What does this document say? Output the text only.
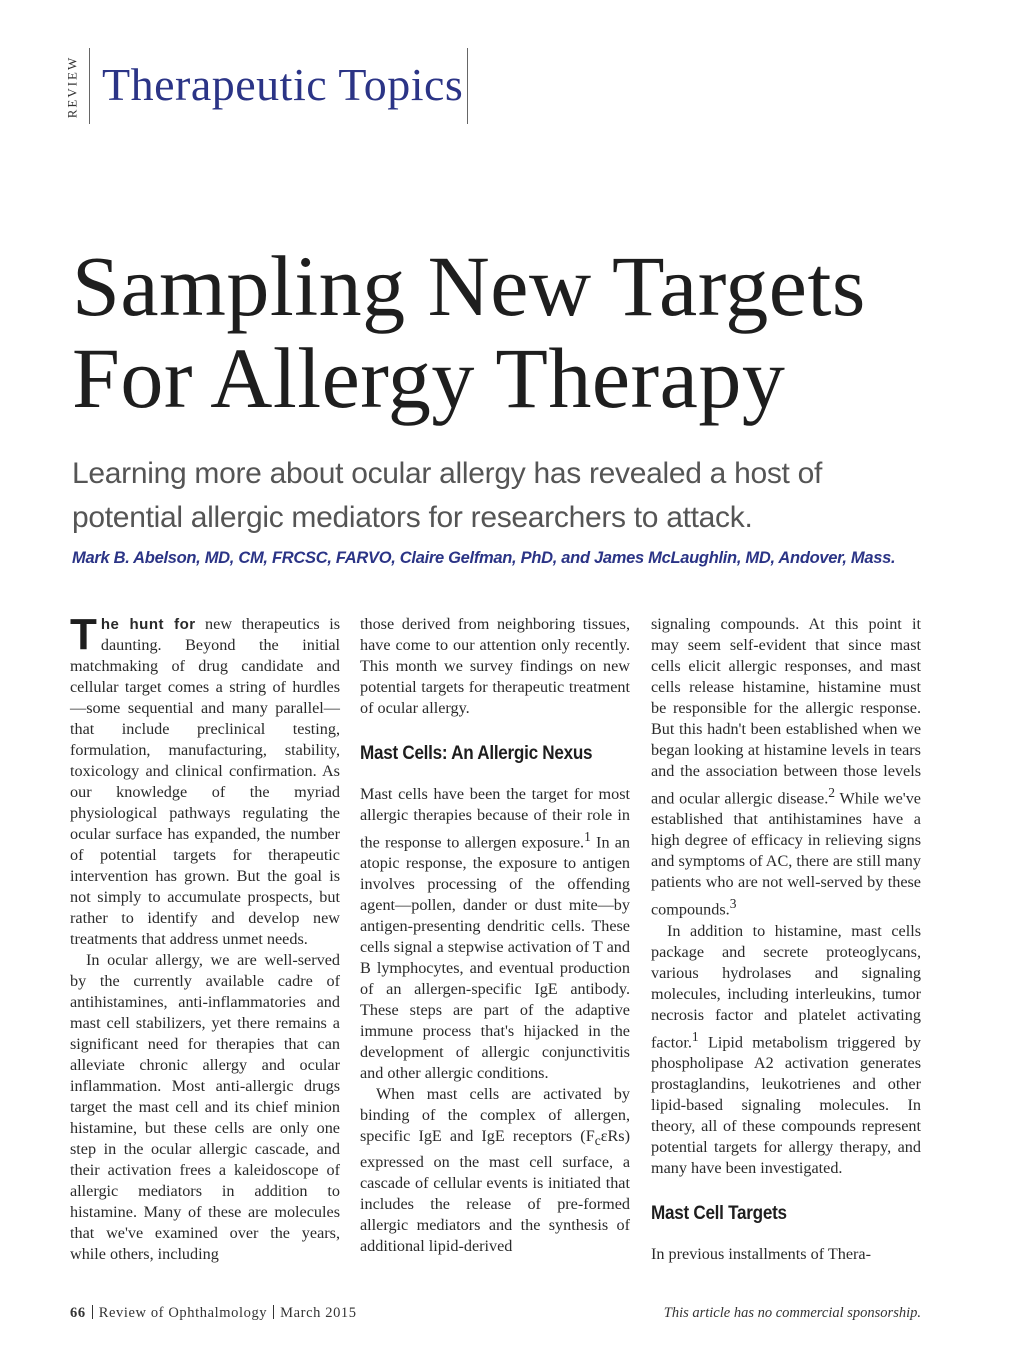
REVIEW Therapeutic Topics
Sampling New Targets
For Allergy Therapy
Learning more about ocular allergy has revealed a host of
potential allergic mediators for researchers to attack.
Mark B. Abelson, MD, CM, FRCSC, FARVO, Claire Gelfman, PhD, and James McLaughlin, MD, Andover, Mass.

The hunt for new therapeutics is daunting. Beyond the initial matchmaking of drug candidate and cellular target comes a string of hurdles—some sequential and many parallel—that include preclinical testing, formulation, manufacturing, stability, toxicology and clinical confirmation. As our knowledge of the myriad physiological pathways regulating the ocular surface has expanded, the number of potential targets for therapeutic intervention has grown. But the goal is not simply to accumulate prospects, but rather to identify and develop new treatments that address unmet needs.

In ocular allergy, we are well-served by the currently available cadre of antihistamines, anti-inflammatories and mast cell stabilizers, yet there remains a significant need for therapies that can alleviate chronic allergy and ocular inflammation. Most anti-allergic drugs target the mast cell and its chief minion histamine, but these cells are only one step in the ocular allergic cascade, and their activation frees a kaleidoscope of allergic mediators in addition to histamine. Many of these are molecules that we've examined over the years, while others, including

those derived from neighboring tissues, have come to our attention only recently. This month we survey findings on new potential targets for therapeutic treatment of ocular allergy.

Mast Cells: An Allergic Nexus

Mast cells have been the target for most allergic therapies because of their role in the response to allergen exposure.$^1$ In an atopic response, the exposure to antigen involves processing of the offending agent—pollen, dander or dust mite—by antigen-presenting dendritic cells. These cells signal a stepwise activation of T and B lymphocytes, and eventual production of an allergen-specific IgE antibody. These steps are part of the adaptive immune process that's hijacked in the development of allergic conjunctivitis and other allergic conditions.

When mast cells are activated by binding of the complex of allergen, specific IgE and IgE receptors $(F_c\varepsilon Rs)$ expressed on the mast cell surface, a cascade of cellular events is initiated that includes the release of pre-formed allergic mediators and the synthesis of additional lipid-derived

signaling compounds. At this point it may seem self-evident that since mast cells elicit allergic responses, and mast cells release histamine, histamine must be responsible for the allergic response. But this hadn't been established when we began looking at histamine levels in tears and the association between those levels and ocular allergic disease.$^2$ While we've established that antihistamines have a high degree of efficacy in relieving signs and symptoms of AC, there are still many patients who are not well-served by these compounds.$^3$

In addition to histamine, mast cells package and secrete proteoglycans, various hydrolases and signaling molecules, including interleukins, tumor necrosis factor and platelet activating factor.$^1$ Lipid metabolism triggered by phospholipase A2 activation generates prostaglandins, leukotrienes and other lipid-based signaling molecules. In theory, all of these compounds represent potential targets for allergy therapy, and many have been investigated.

Mast Cell Targets

In previous installments of Thera-

66 Review of Ophthalmology March 2015	This article has no commercial sponsorship.
